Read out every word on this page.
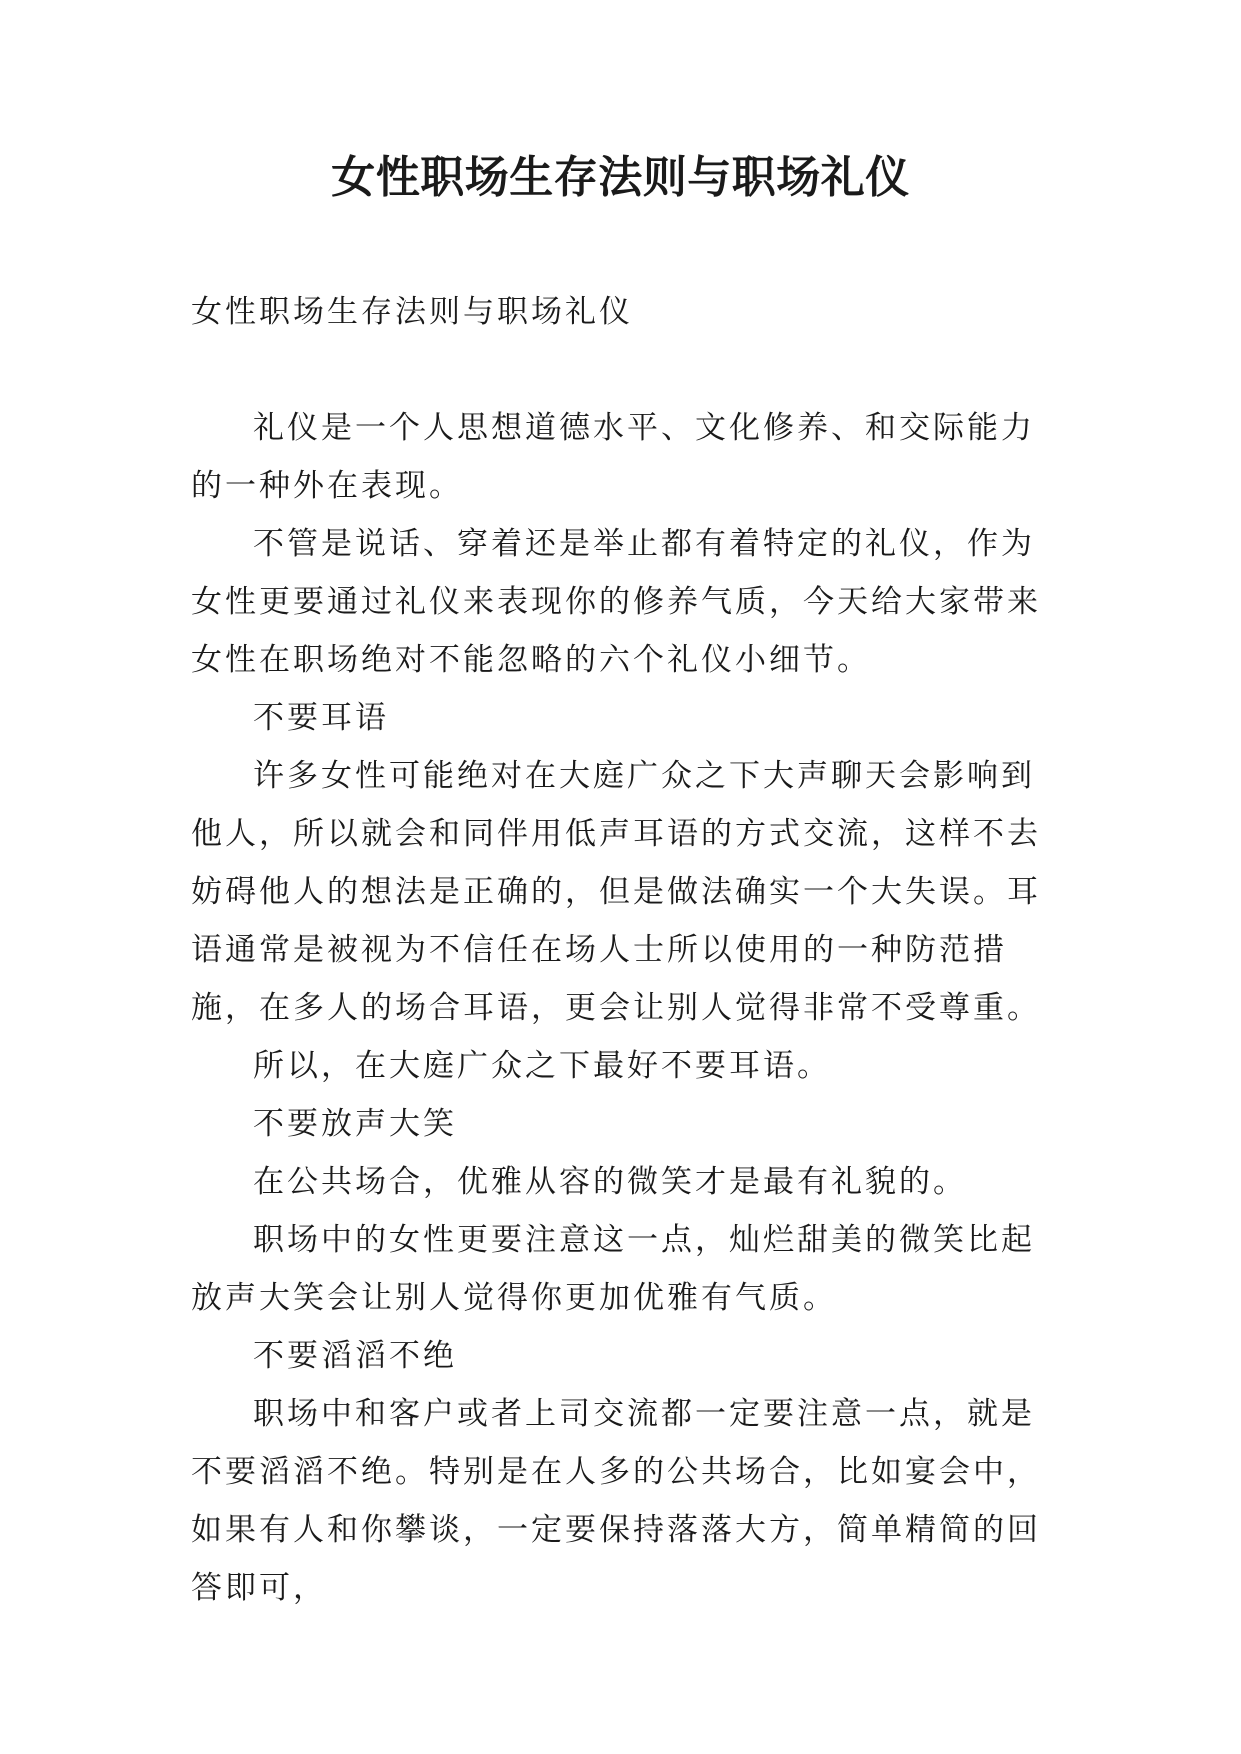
女性职场生存法则与职场礼仪

女性职场生存法则与职场礼仪

礼仪是一个人思想道德水平、文化修养、和交际能力的一种外在表现。

不管是说话、穿着还是举止都有着特定的礼仪，作为女性更要通过礼仪来表现你的修养气质，今天给大家带来女性在职场绝对不能忽略的六个礼仪小细节。

不要耳语

许多女性可能绝对在大庭广众之下大声聊天会影响到他人，所以就会和同伴用低声耳语的方式交流，这样不去妨碍他人的想法是正确的，但是做法确实一个大失误。耳语通常是被视为不信任在场人士所以使用的一种防范措施，在多人的场合耳语，更会让别人觉得非常不受尊重。

所以，在大庭广众之下最好不要耳语。

不要放声大笑

在公共场合，优雅从容的微笑才是最有礼貌的。

职场中的女性更要注意这一点，灿烂甜美的微笑比起放声大笑会让别人觉得你更加优雅有气质。

不要滔滔不绝

职场中和客户或者上司交流都一定要注意一点，就是不要滔滔不绝。特别是在人多的公共场合，比如宴会中，如果有人和你攀谈，一定要保持落落大方，简单精简的回答即可，
